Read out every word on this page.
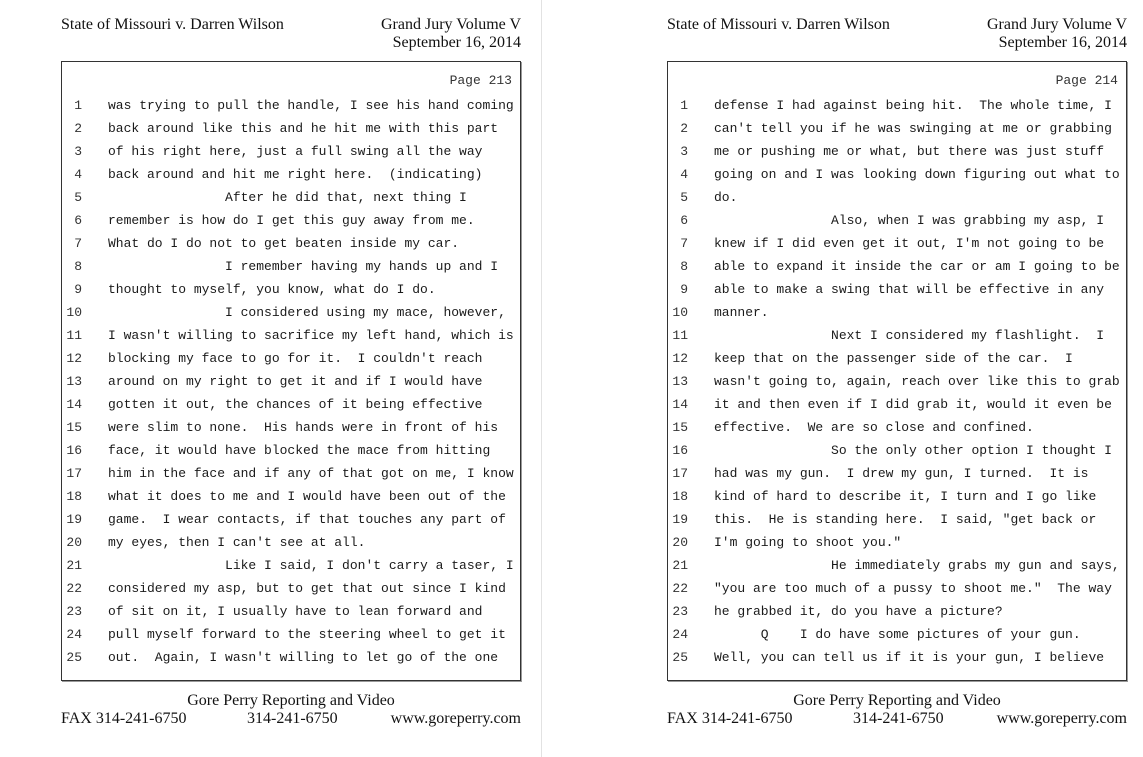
State of Missouri v. Darren Wilson	Grand Jury Volume V
September 16, 2014
Page 213
1 was trying to pull the handle, I see his hand coming
2 back around like this and he hit me with this part
3 of his right here, just a full swing all the way
4 back around and hit me right here.  (indicating)
5 After he did that, next thing I
6 remember is how do I get this guy away from me.
7 What do I do not to get beaten inside my car.
8 I remember having my hands up and I
9 thought to myself, you know, what do I do.
10 I considered using my mace, however,
11 I wasn't willing to sacrifice my left hand, which is
12 blocking my face to go for it.  I couldn't reach
13 around on my right to get it and if I would have
14 gotten it out, the chances of it being effective
15 were slim to none.  His hands were in front of his
16 face, it would have blocked the mace from hitting
17 him in the face and if any of that got on me, I know
18 what it does to me and I would have been out of the
19 game.  I wear contacts, if that touches any part of
20 my eyes, then I can't see at all.
21 Like I said, I don't carry a taser, I
22 considered my asp, but to get that out since I kind
23 of sit on it, I usually have to lean forward and
24 pull myself forward to the steering wheel to get it
25 out.  Again, I wasn't willing to let go of the one
Gore Perry Reporting and Video
FAX 314-241-6750	314-241-6750	www.goreperry.com
State of Missouri v. Darren Wilson	Grand Jury Volume V
September 16, 2014
Page 214
1 defense I had against being hit.  The whole time, I
2 can't tell you if he was swinging at me or grabbing
3 me or pushing me or what, but there was just stuff
4 going on and I was looking down figuring out what to
5 do.
6 Also, when I was grabbing my asp, I
7 knew if I did even get it out, I'm not going to be
8 able to expand it inside the car or am I going to be
9 able to make a swing that will be effective in any
10 manner.
11 Next I considered my flashlight.  I
12 keep that on the passenger side of the car.  I
13 wasn't going to, again, reach over like this to grab
14 it and then even if I did grab it, would it even be
15 effective.  We are so close and confined.
16 So the only other option I thought I
17 had was my gun.  I drew my gun, I turned.  It is
18 kind of hard to describe it, I turn and I go like
19 this.  He is standing here.  I said, "get back or
20 I'm going to shoot you."
21 He immediately grabs my gun and says,
22 "you are too much of a pussy to shoot me."  The way
23 he grabbed it, do you have a picture?
24 Q    I do have some pictures of your gun.
25 Well, you can tell us if it is your gun, I believe
Gore Perry Reporting and Video
FAX 314-241-6750	314-241-6750	www.goreperry.com
